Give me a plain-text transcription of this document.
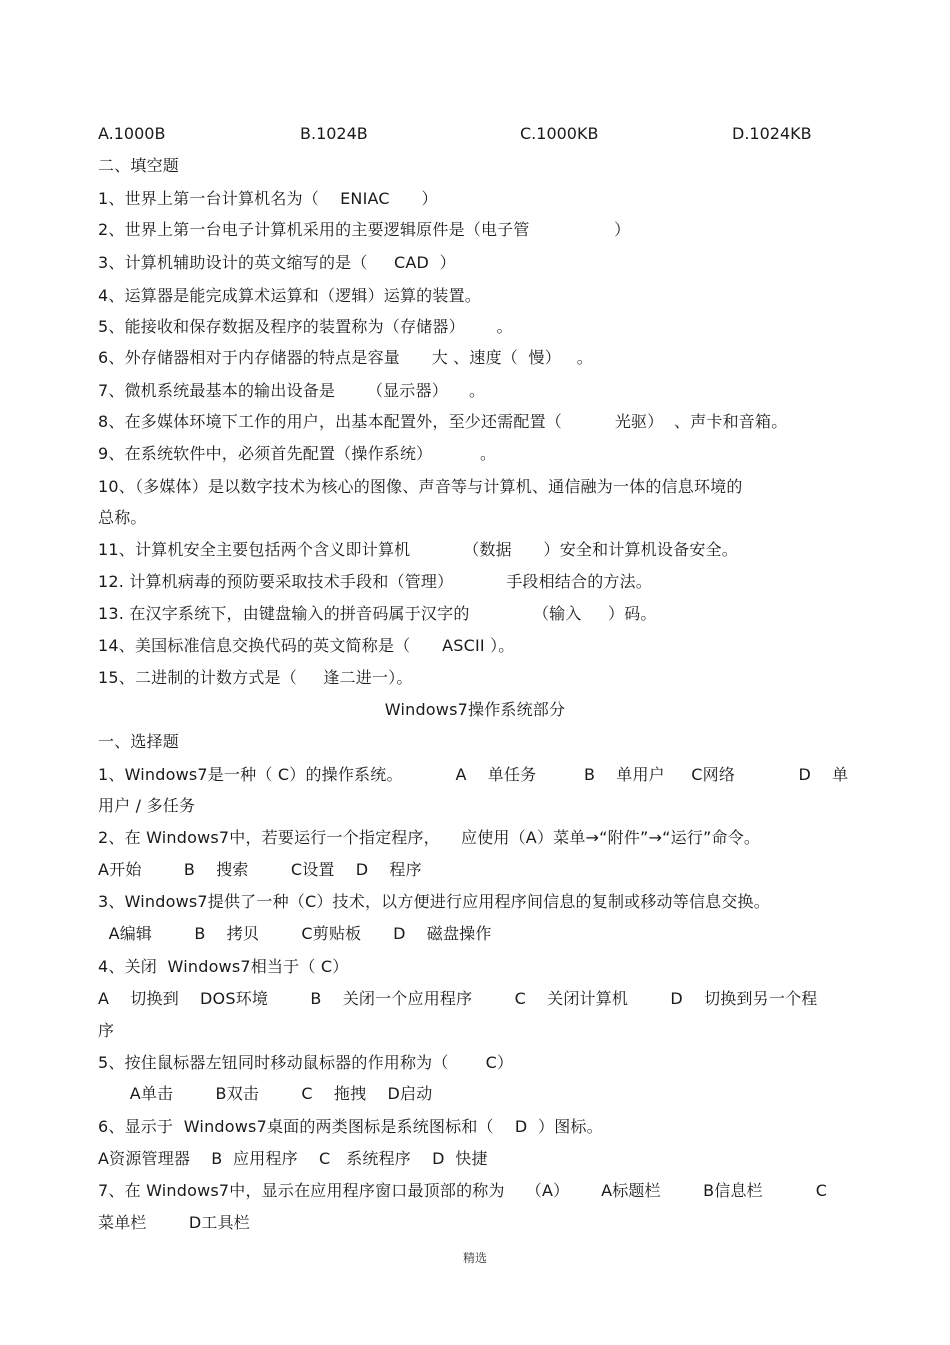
A.1000B	B.1024B	C.1000KB	D.1024KB
二、填空题
1、世界上第一台计算机名为（    ENIAC      ）
2、世界上第一台电子计算机采用的主要逻辑原件是（电子管                ）
3、计算机辅助设计的英文缩写的是（     CAD  ）
4、运算器是能完成算术运算和（逻辑）运算的装置。
5、能接收和保存数据及程序的装置称为（存储器）      。
6、外存储器相对于内存储器的特点是容量      大 、速度（  慢）   。
7、微机系统最基本的输出设备是      （显示器）    。
8、在多媒体环境下工作的用户，出基本配置外，至少还需配置（          光驱）  、声卡和音箱。
9、在系统软件中，必须首先配置（操作系统）         。
10、（多媒体）是以数字技术为核心的图像、声音等与计算机、通信融为一体的信息环境的
总称。
11、计算机安全主要包括两个含义即计算机          （数据      ）安全和计算机设备安全。
12. 计算机病毒的预防要采取技术手段和（管理）          手段相结合的方法。
13. 在汉字系统下，由键盘输入的拼音码属于汉字的            （输入     ）码。
14、美国标准信息交换代码的英文简称是（      ASCII ）。
15、二进制的计数方式是（     逢二进一）。
Windows7操作系统部分
一、选择题
1、Windows7是一种（ C）的操作系统。          A    单任务         B    单用户     C网络            D    单
用户 / 多任务
2、在 Windows7中，若要运行一个指定程序，    应使用（A）菜单→“附件”→“运行”命令。
A开始        B    搜索        C设置    D    程序
3、Windows7提供了一种（C）技术，以方便进行应用程序间信息的复制或移动等信息交换。
A编辑        B    拷贝        C剪贴板      D    磁盘操作
4、关闭  Windows7相当于（ C）
A    切换到    DOS环境        B    关闭一个应用程序        C    关闭计算机        D    切换到另一个程
序
5、按住鼠标器左钮同时移动鼠标器的作用称为（       C）
A单击        B双击        C    拖拽    D启动
6、显示于  Windows7桌面的两类图标是系统图标和（    D  ）图标。
A资源管理器    B  应用程序    C   系统程序    D  快捷
7、在 Windows7中，显示在应用程序窗口最顶部的称为    （A）      A标题栏        B信息栏          C
菜单栏        D工具栏
精选
